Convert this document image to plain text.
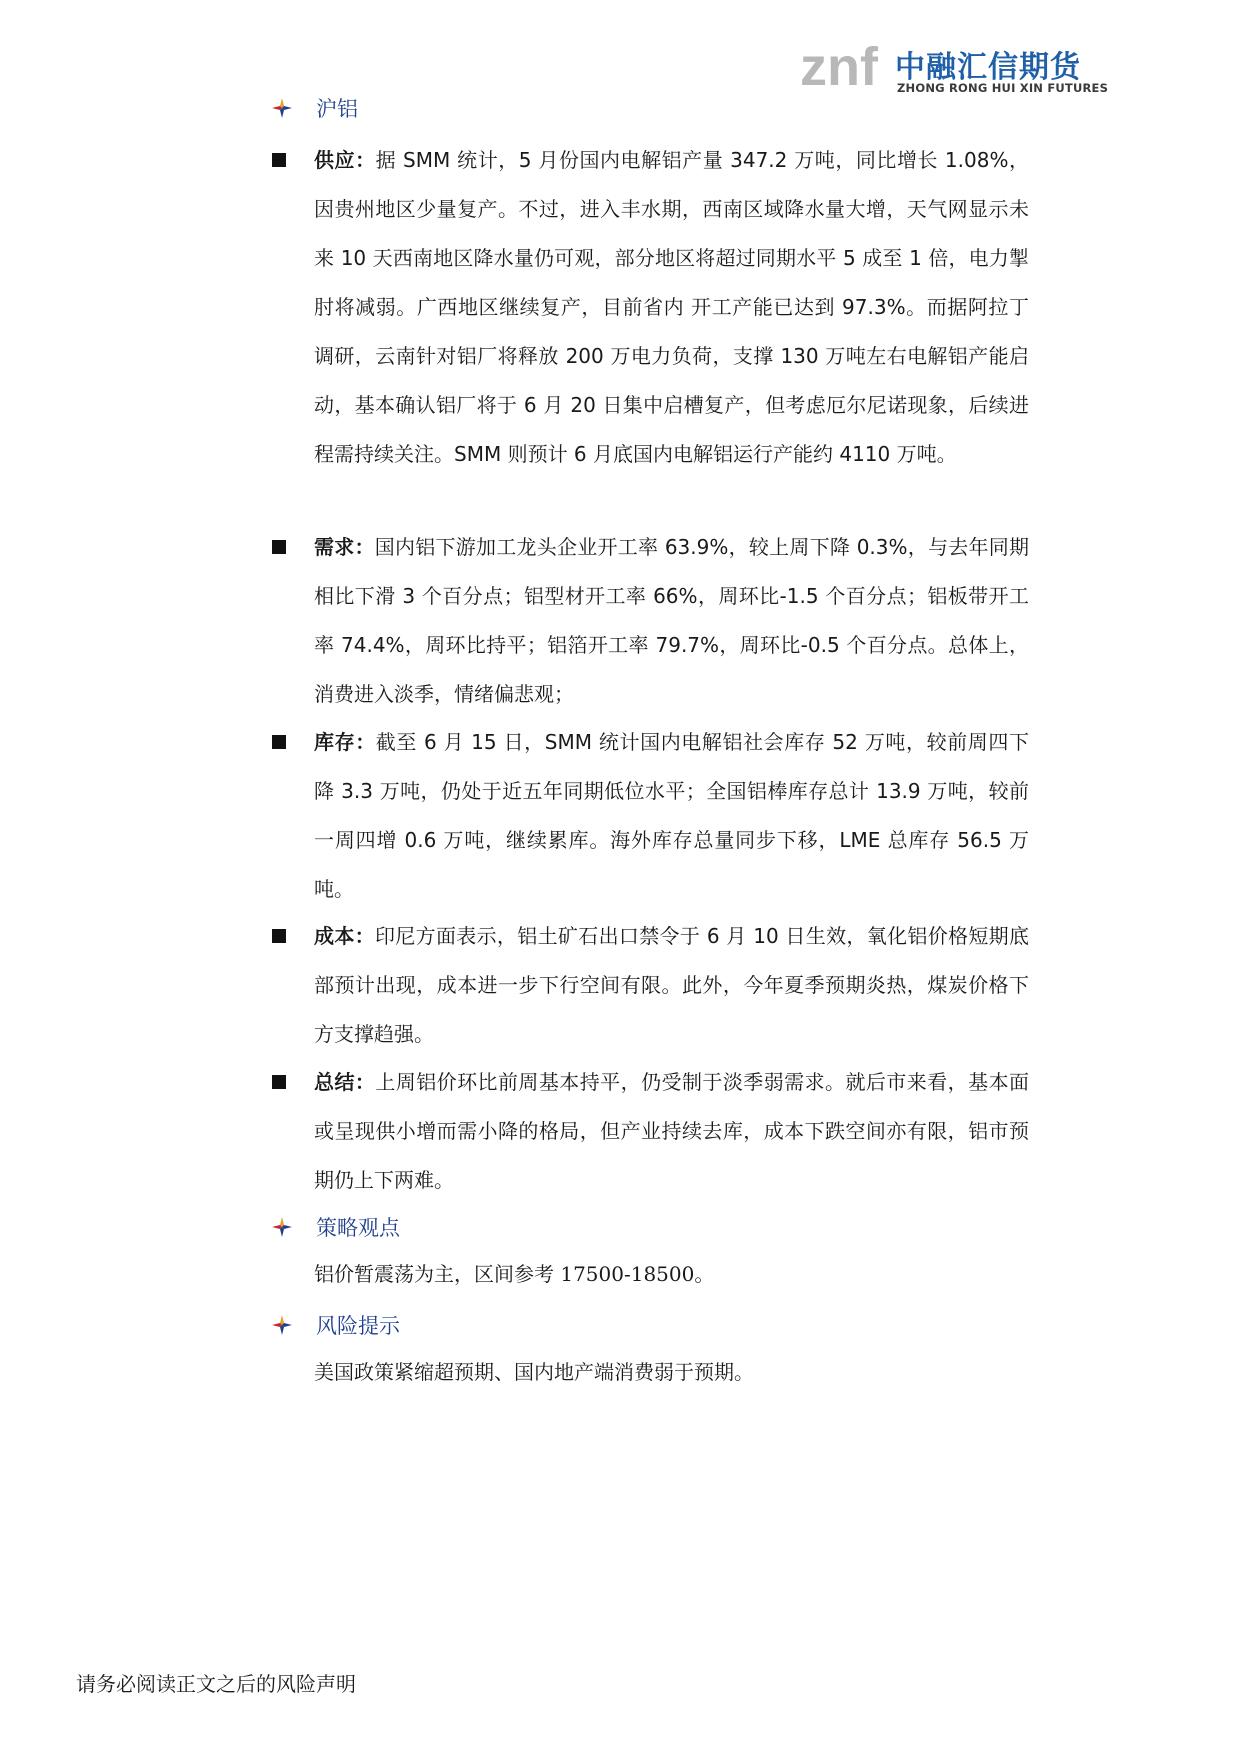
znf 中融汇信期货
ZHONG RONG HUI XIN FUTURES
沪铝
供应：据 SMM 统计，5 月份国内电解铝产量 347.2 万吨，同比增长 1.08%，因贵州地区少量复产。不过，进入丰水期，西南区域降水量大增，天气网显示未来 10 天西南地区降水量仍可观，部分地区将超过同期水平 5 成至 1 倍，电力掣肘将减弱。广西地区继续复产，目前省内 开工产能已达到 97.3%。而据阿拉丁调研，云南针对铝厂将释放 200 万电力负荷，支撑 130 万吨左右电解铝产能启动，基本确认铝厂将于 6 月 20 日集中启槽复产，但考虑厄尔尼诺现象，后续进程需持续关注。SMM 则预计 6 月底国内电解铝运行产能约 4110 万吨。
需求：国内铝下游加工龙头企业开工率 63.9%，较上周下降 0.3%，与去年同期相比下滑 3 个百分点；铝型材开工率 66%，周环比-1.5 个百分点；铝板带开工率 74.4%，周环比持平；铝箔开工率 79.7%，周环比-0.5 个百分点。总体上，消费进入淡季，情绪偏悲观；
库存：截至 6 月 15 日，SMM 统计国内电解铝社会库存 52 万吨，较前周四下降 3.3 万吨，仍处于近五年同期低位水平；全国铝棒库存总计 13.9 万吨，较前一周四增 0.6 万吨，继续累库。海外库存总量同步下移，LME 总库存 56.5 万吨。
成本：印尼方面表示，铝土矿石出口禁令于 6 月 10 日生效，氧化铝价格短期底部预计出现，成本进一步下行空间有限。此外，今年夏季预期炎热，煤炭价格下方支撑趋强。
总结：上周铝价环比前周基本持平，仍受制于淡季弱需求。就后市来看，基本面或呈现供小增而需小降的格局，但产业持续去库，成本下跌空间亦有限，铝市预期仍上下两难。
策略观点
铝价暂震荡为主，区间参考 17500-18500。
风险提示
美国政策紧缩超预期、国内地产端消费弱于预期。
请务必阅读正文之后的风险声明
